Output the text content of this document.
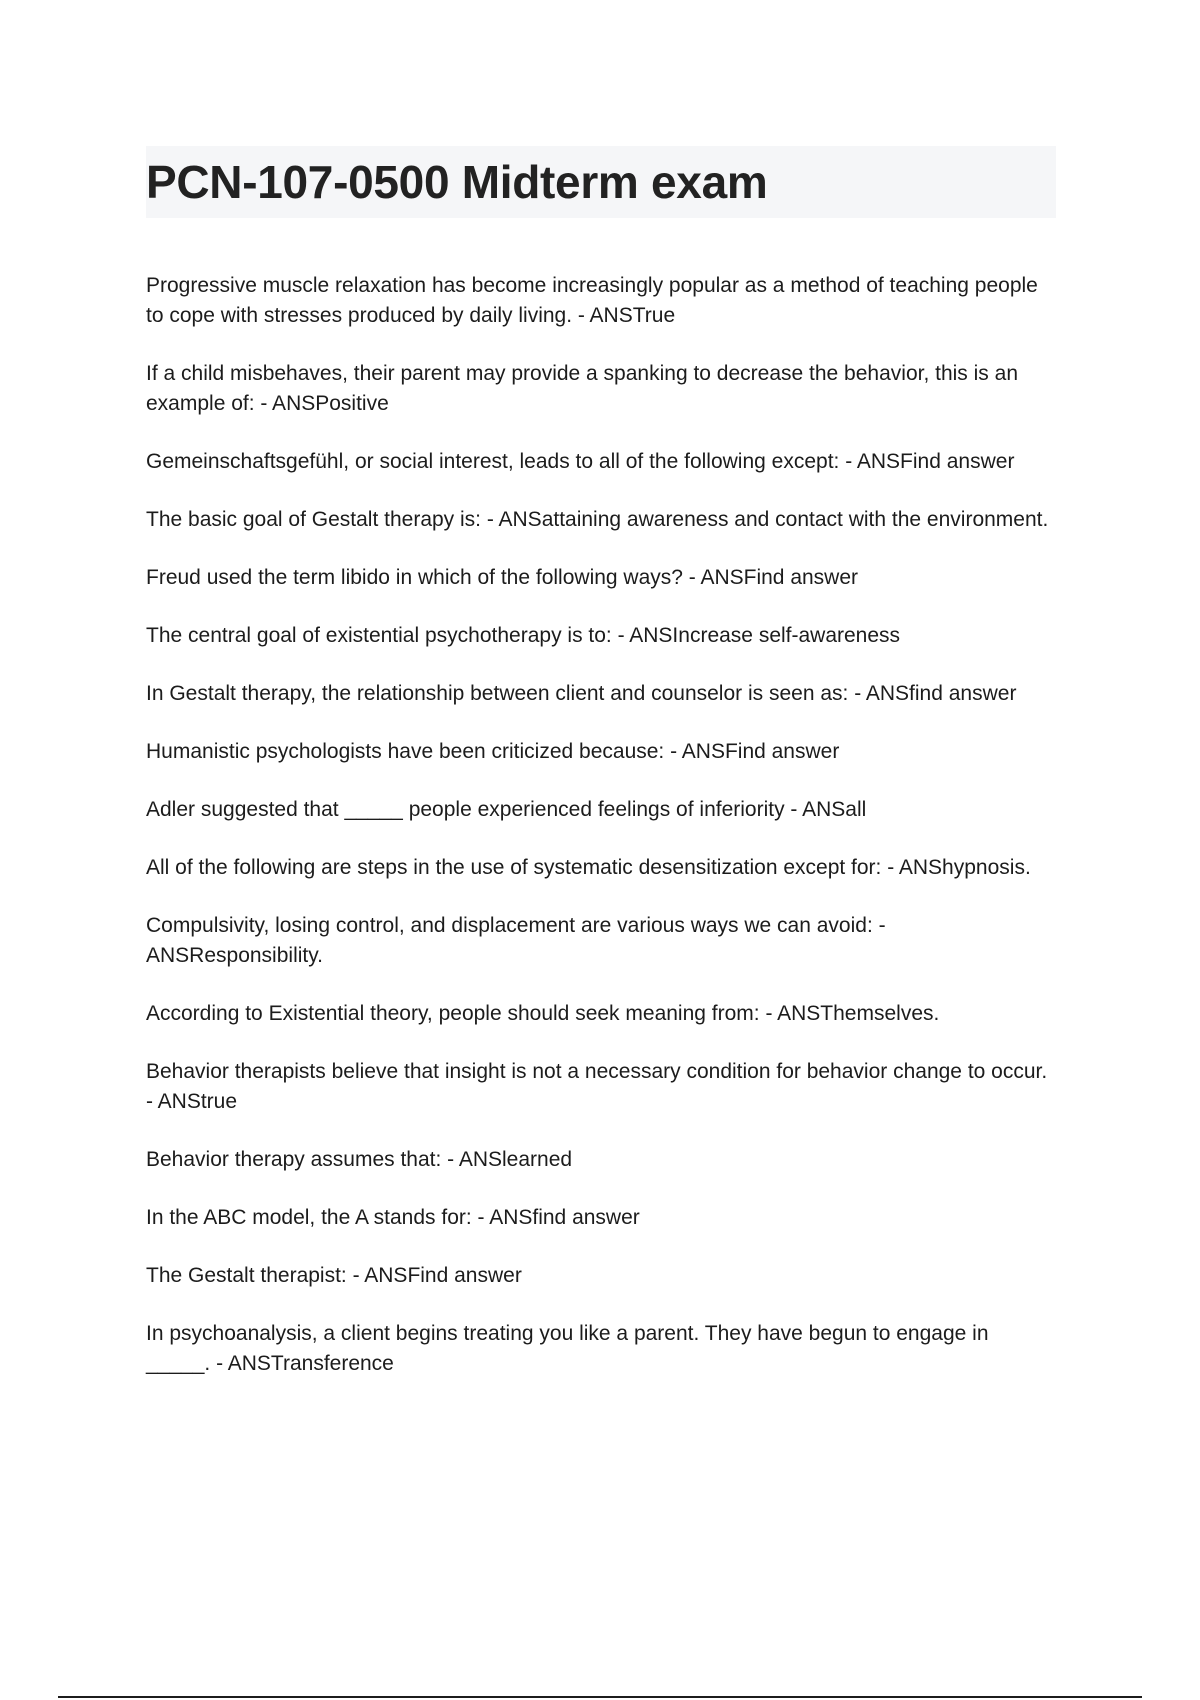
PCN-107-0500 Midterm exam
Progressive muscle relaxation has become increasingly popular as a method of teaching people to cope with stresses produced by daily living. - ANSTrue
If a child misbehaves, their parent may provide a spanking to decrease the behavior, this is an example of: - ANSPositive
Gemeinschaftsgefühl, or social interest, leads to all of the following except: - ANSFind answer
The basic goal of Gestalt therapy is: - ANSattaining awareness and contact with the environment.
Freud used the term libido in which of the following ways? - ANSFind answer
The central goal of existential psychotherapy is to: - ANSIncrease self-awareness
In Gestalt therapy, the relationship between client and counselor is seen as: - ANSfind answer
Humanistic psychologists have been criticized because: - ANSFind answer
Adler suggested that _____ people experienced feelings of inferiority - ANSall
All of the following are steps in the use of systematic desensitization except for: - ANShypnosis.
Compulsivity, losing control, and displacement are various ways we can avoid: - ANSResponsibility.
According to Existential theory, people should seek meaning from: - ANSThemselves.
Behavior therapists believe that insight is not a necessary condition for behavior change to occur. - ANStrue
Behavior therapy assumes that: - ANSlearned
In the ABC model, the A stands for: - ANSfind answer
The Gestalt therapist: - ANSFind answer
In psychoanalysis, a client begins treating you like a parent. They have begun to engage in _____. - ANSTransference
